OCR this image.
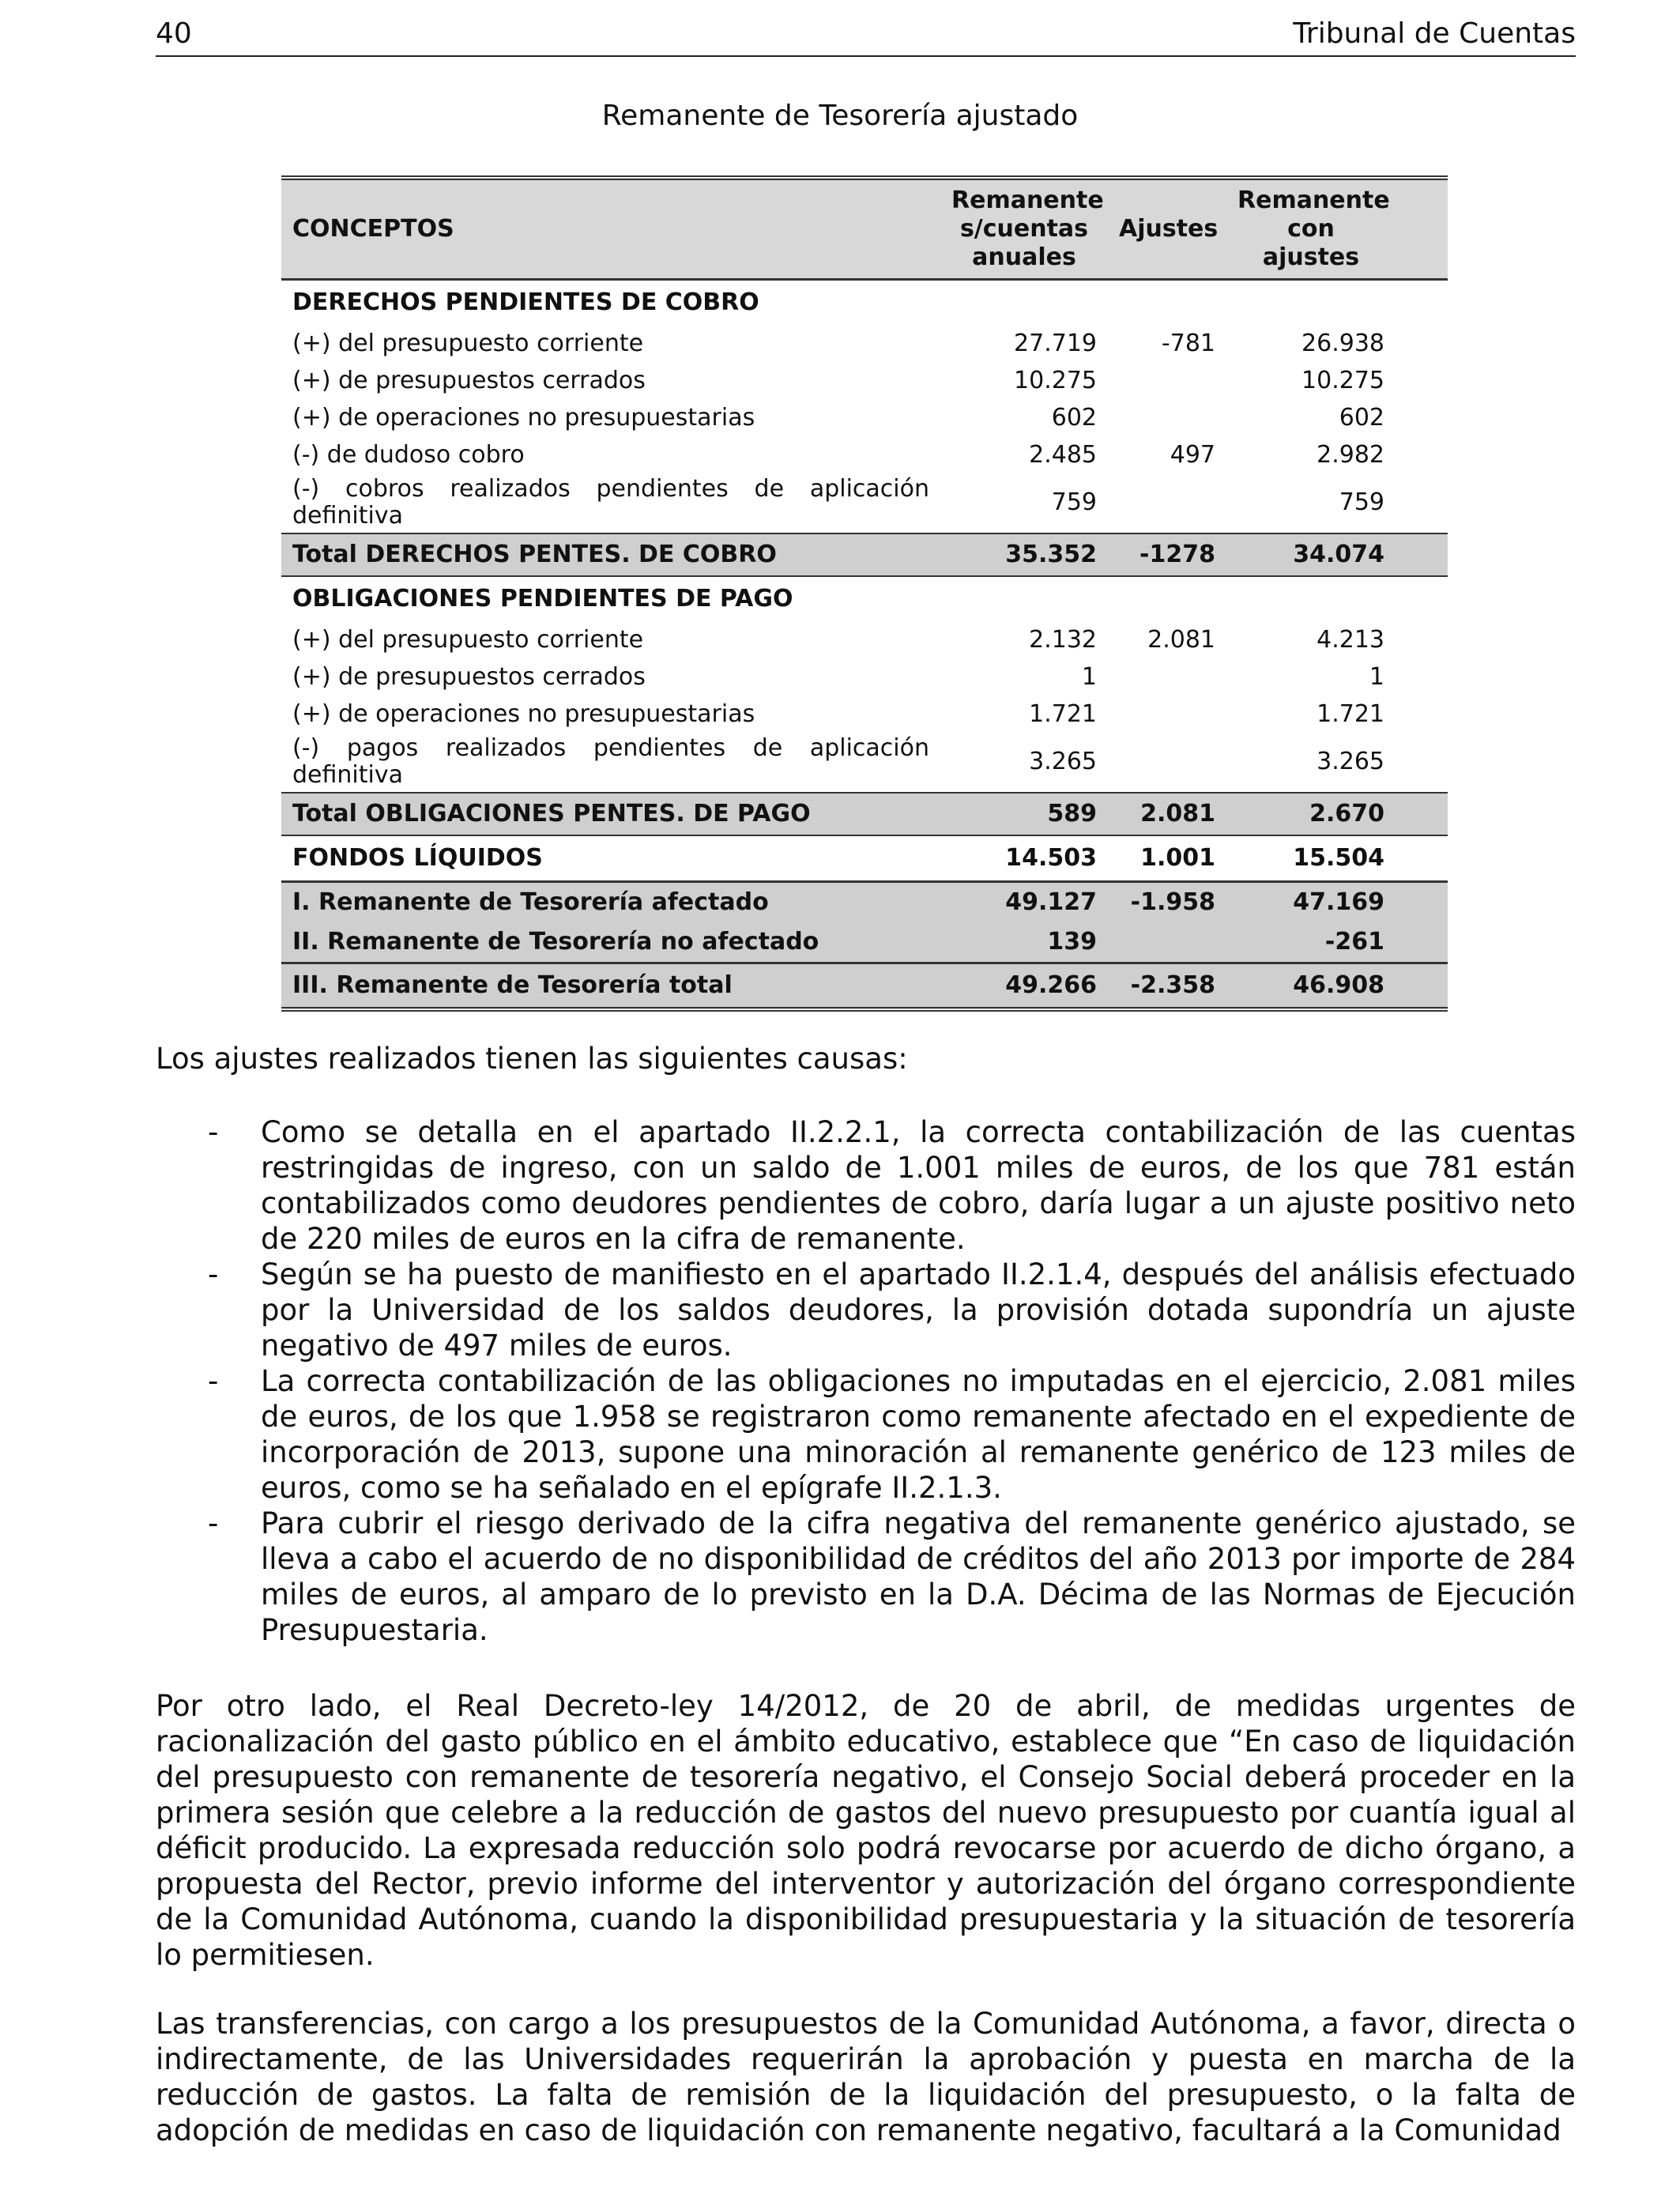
40	Tribunal de Cuentas
Remanente de Tesorería ajustado
CONCEPTOS	Remanente s/cuentas anuales	Ajustes	Remanente con ajustes
DERECHOS PENDIENTES DE COBRO			
(+) del presupuesto corriente	27.719	-781	26.938
(+) de presupuestos cerrados	10.275		10.275
(+) de operaciones no presupuestarias	602		602
(-) de dudoso cobro	2.485	497	2.982
(-) cobros realizados pendientes de aplicación definitiva	759		759
Total DERECHOS PENTES. DE COBRO	35.352	-1278	34.074
OBLIGACIONES PENDIENTES DE PAGO			
(+) del presupuesto corriente	2.132	2.081	4.213
(+) de presupuestos cerrados	1		1
(+) de operaciones no presupuestarias	1.721		1.721
(-) pagos realizados pendientes de aplicación definitiva	3.265		3.265
Total OBLIGACIONES PENTES. DE PAGO	589	2.081	2.670
FONDOS LÍQUIDOS	14.503	1.001	15.504
I. Remanente de Tesorería afectado	49.127	-1.958	47.169
II. Remanente de Tesorería no afectado	139		-261
III. Remanente de Tesorería total	49.266	-2.358	46.908
Los ajustes realizados tienen las siguientes causas:
- Como se detalla en el apartado II.2.2.1, la correcta contabilización de las cuentas restringidas de ingreso, con un saldo de 1.001 miles de euros, de los que 781 están contabilizados como deudores pendientes de cobro, daría lugar a un ajuste positivo neto de 220 miles de euros en la cifra de remanente.
- Según se ha puesto de manifiesto en el apartado II.2.1.4, después del análisis efectuado por la Universidad de los saldos deudores, la provisión dotada supondría un ajuste negativo de 497 miles de euros.
- La correcta contabilización de las obligaciones no imputadas en el ejercicio, 2.081 miles de euros, de los que 1.958 se registraron como remanente afectado en el expediente de incorporación de 2013, supone una minoración al remanente genérico de 123 miles de euros, como se ha señalado en el epígrafe II.2.1.3.
- Para cubrir el riesgo derivado de la cifra negativa del remanente genérico ajustado, se lleva a cabo el acuerdo de no disponibilidad de créditos del año 2013 por importe de 284 miles de euros, al amparo de lo previsto en la D.A. Décima de las Normas de Ejecución Presupuestaria.

Por otro lado, el Real Decreto-ley 14/2012, de 20 de abril, de medidas urgentes de racionalización del gasto público en el ámbito educativo, establece que “En caso de liquidación del presupuesto con remanente de tesorería negativo, el Consejo Social deberá proceder en la primera sesión que celebre a la reducción de gastos del nuevo presupuesto por cuantía igual al déficit producido. La expresada reducción solo podrá revocarse por acuerdo de dicho órgano, a propuesta del Rector, previo informe del interventor y autorización del órgano correspondiente de la Comunidad Autónoma, cuando la disponibilidad presupuestaria y la situación de tesorería lo permitiesen.

Las transferencias, con cargo a los presupuestos de la Comunidad Autónoma, a favor, directa o indirectamente, de las Universidades requerirán la aprobación y puesta en marcha de la reducción de gastos. La falta de remisión de la liquidación del presupuesto, o la falta de adopción de medidas en caso de liquidación con remanente negativo, facultará a la Comunidad
